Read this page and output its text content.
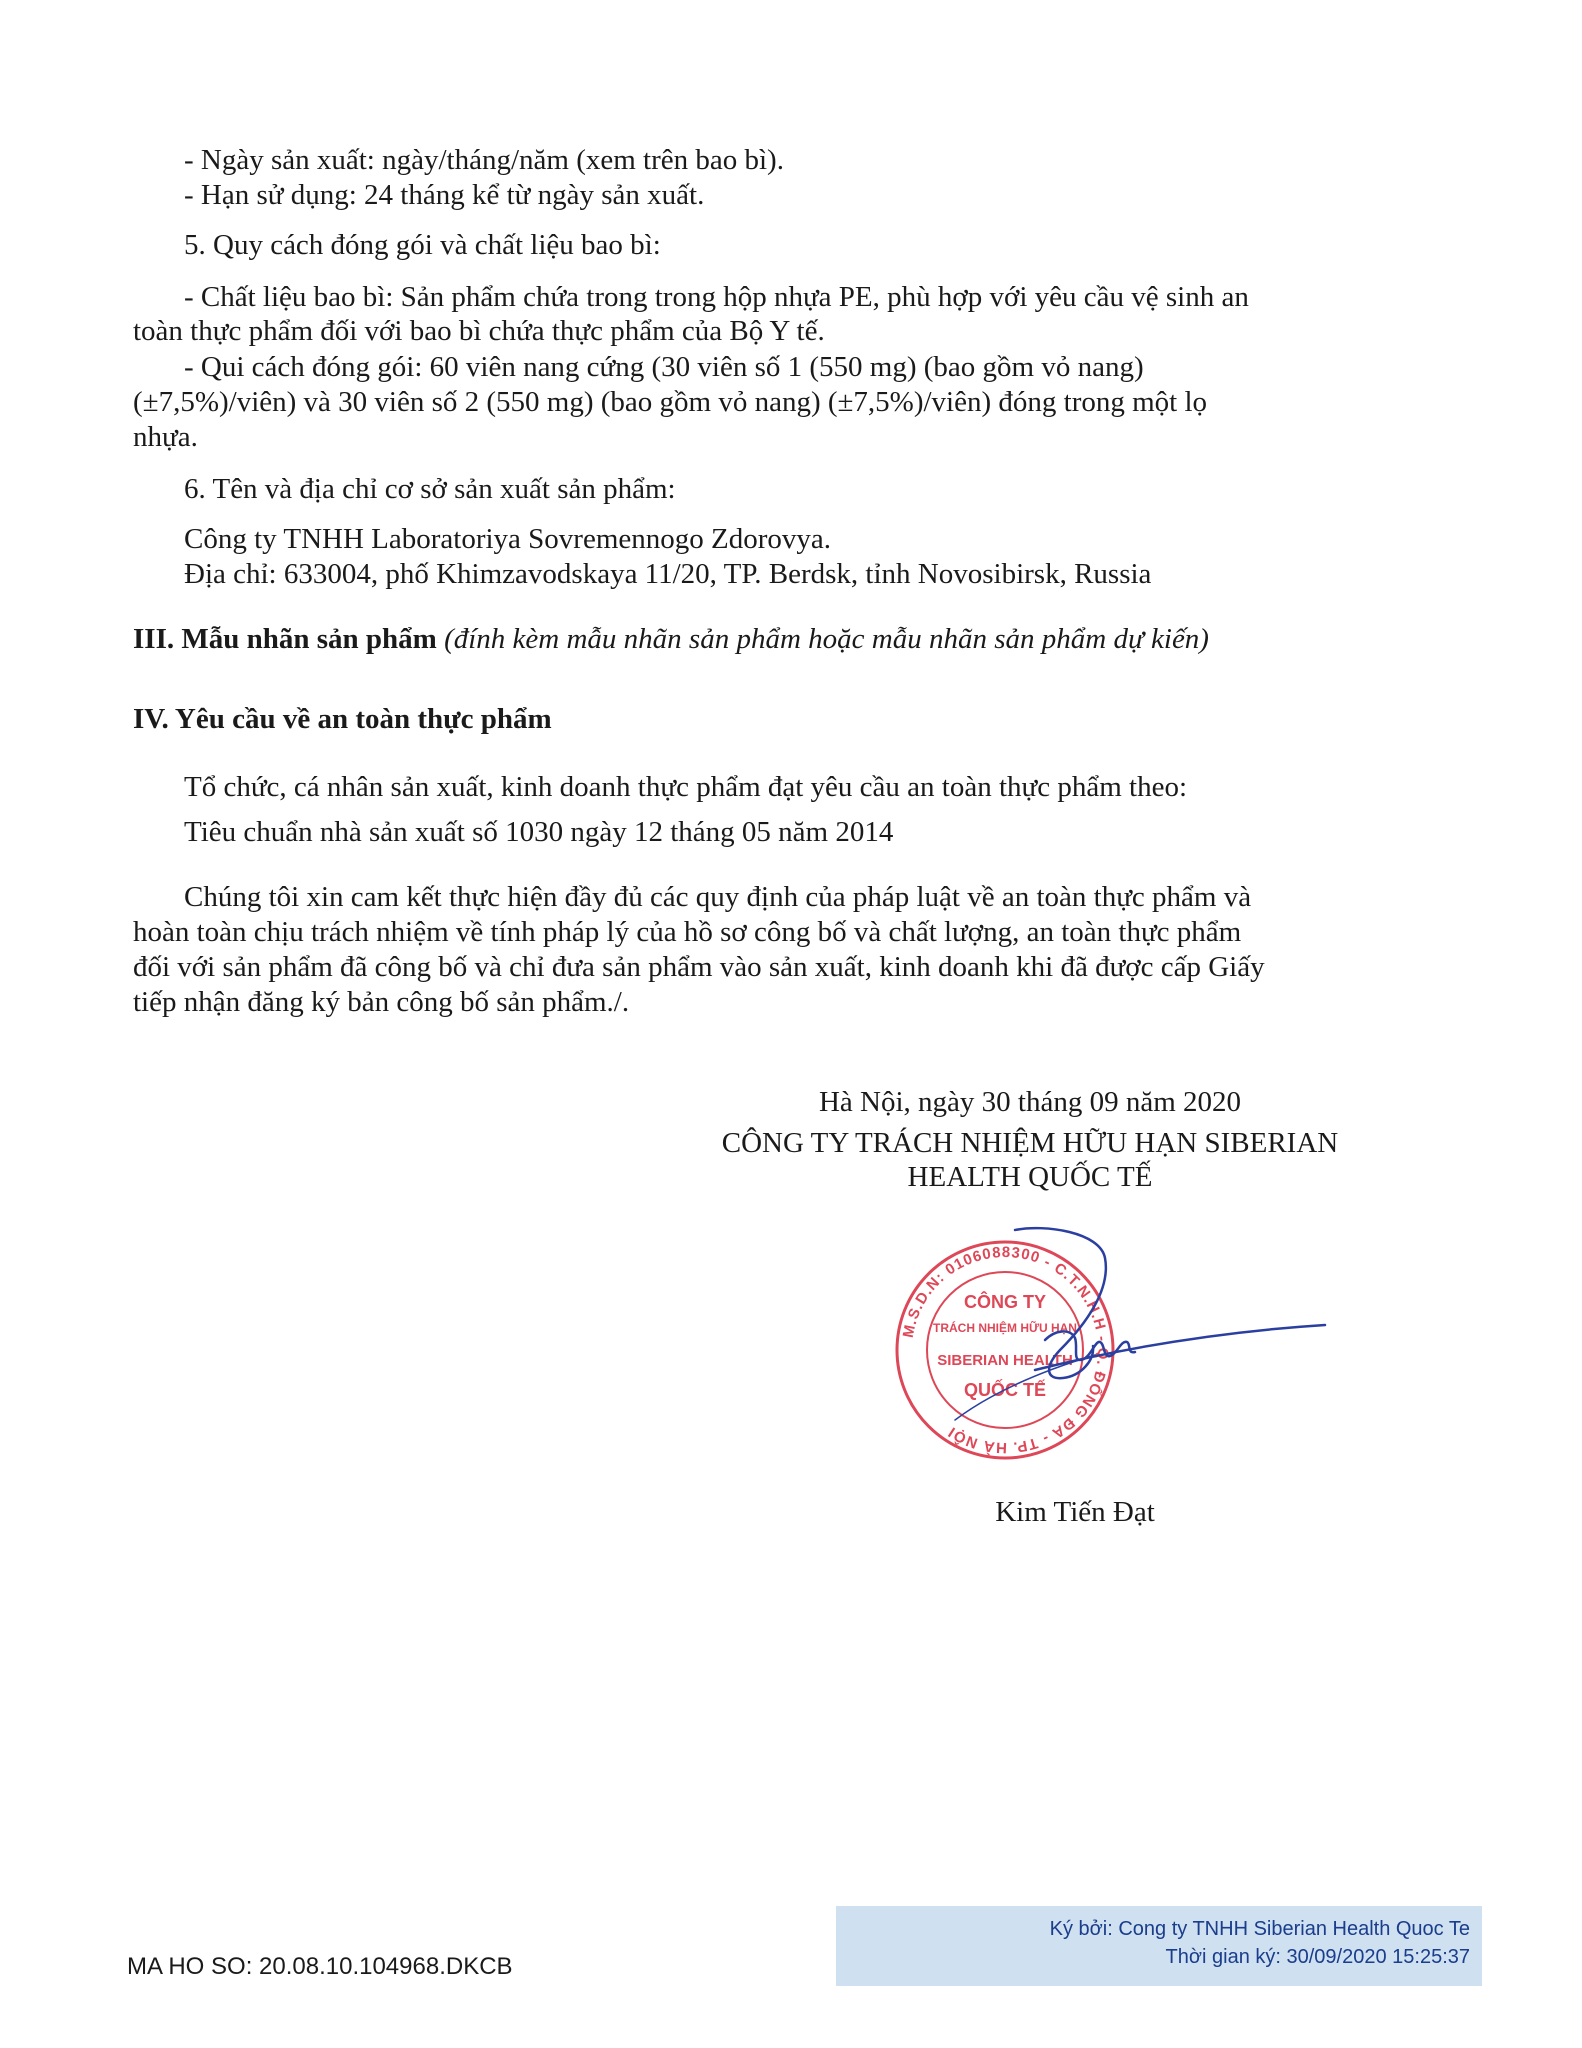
- Ngày sản xuất: ngày/tháng/năm (xem trên bao bì).
- Hạn sử dụng: 24 tháng kể từ ngày sản xuất.
5. Quy cách đóng gói và chất liệu bao bì:
- Chất liệu bao bì: Sản phẩm chứa trong trong hộp nhựa PE, phù hợp với yêu cầu vệ sinh an
toàn thực phẩm đối với bao bì chứa thực phẩm của Bộ Y tế.
- Qui cách đóng gói: 60 viên nang cứng (30 viên số 1 (550 mg) (bao gồm vỏ nang)
(±7,5%)/viên) và 30 viên số 2 (550 mg) (bao gồm vỏ nang) (±7,5%)/viên) đóng trong một lọ
nhựa.
6. Tên và địa chỉ cơ sở sản xuất sản phẩm:
Công ty TNHH Laboratoriya Sovremennogo Zdorovya.
Địa chỉ: 633004, phố Khimzavodskaya 11/20, TP. Berdsk, tỉnh Novosibirsk, Russia
III. Mẫu nhãn sản phẩm (đính kèm mẫu nhãn sản phẩm hoặc mẫu nhãn sản phẩm dự kiến)
IV. Yêu cầu về an toàn thực phẩm
Tổ chức, cá nhân sản xuất, kinh doanh thực phẩm đạt yêu cầu an toàn thực phẩm theo:
Tiêu chuẩn nhà sản xuất số 1030 ngày 12 tháng 05 năm 2014
Chúng tôi xin cam kết thực hiện đầy đủ các quy định của pháp luật về an toàn thực phẩm và
hoàn toàn chịu trách nhiệm về tính pháp lý của hồ sơ công bố và chất lượng, an toàn thực phẩm
đối với sản phẩm đã công bố và chỉ đưa sản phẩm vào sản xuất, kinh doanh khi đã được cấp Giấy
tiếp nhận đăng ký bản công bố sản phẩm./.
Hà Nội, ngày 30 tháng 09 năm 2020
CÔNG TY TRÁCH NHIỆM HỮU HẠN SIBERIAN
HEALTH QUỐC TẾ
M.S.D.N: 0106088300 - C.T.N.H.H - Q. ĐỐNG ĐA - TP. HÀ NỘI
CÔNG TY
TRÁCH NHIỆM HỮU HẠN
SIBERIAN HEALTH
QUỐC TẾ
Kim Tiến Đạt
MA HO SO: 20.08.10.104968.DKCB
Ký bởi: Cong ty TNHH Siberian Health Quoc Te
Thời gian ký: 30/09/2020 15:25:37
